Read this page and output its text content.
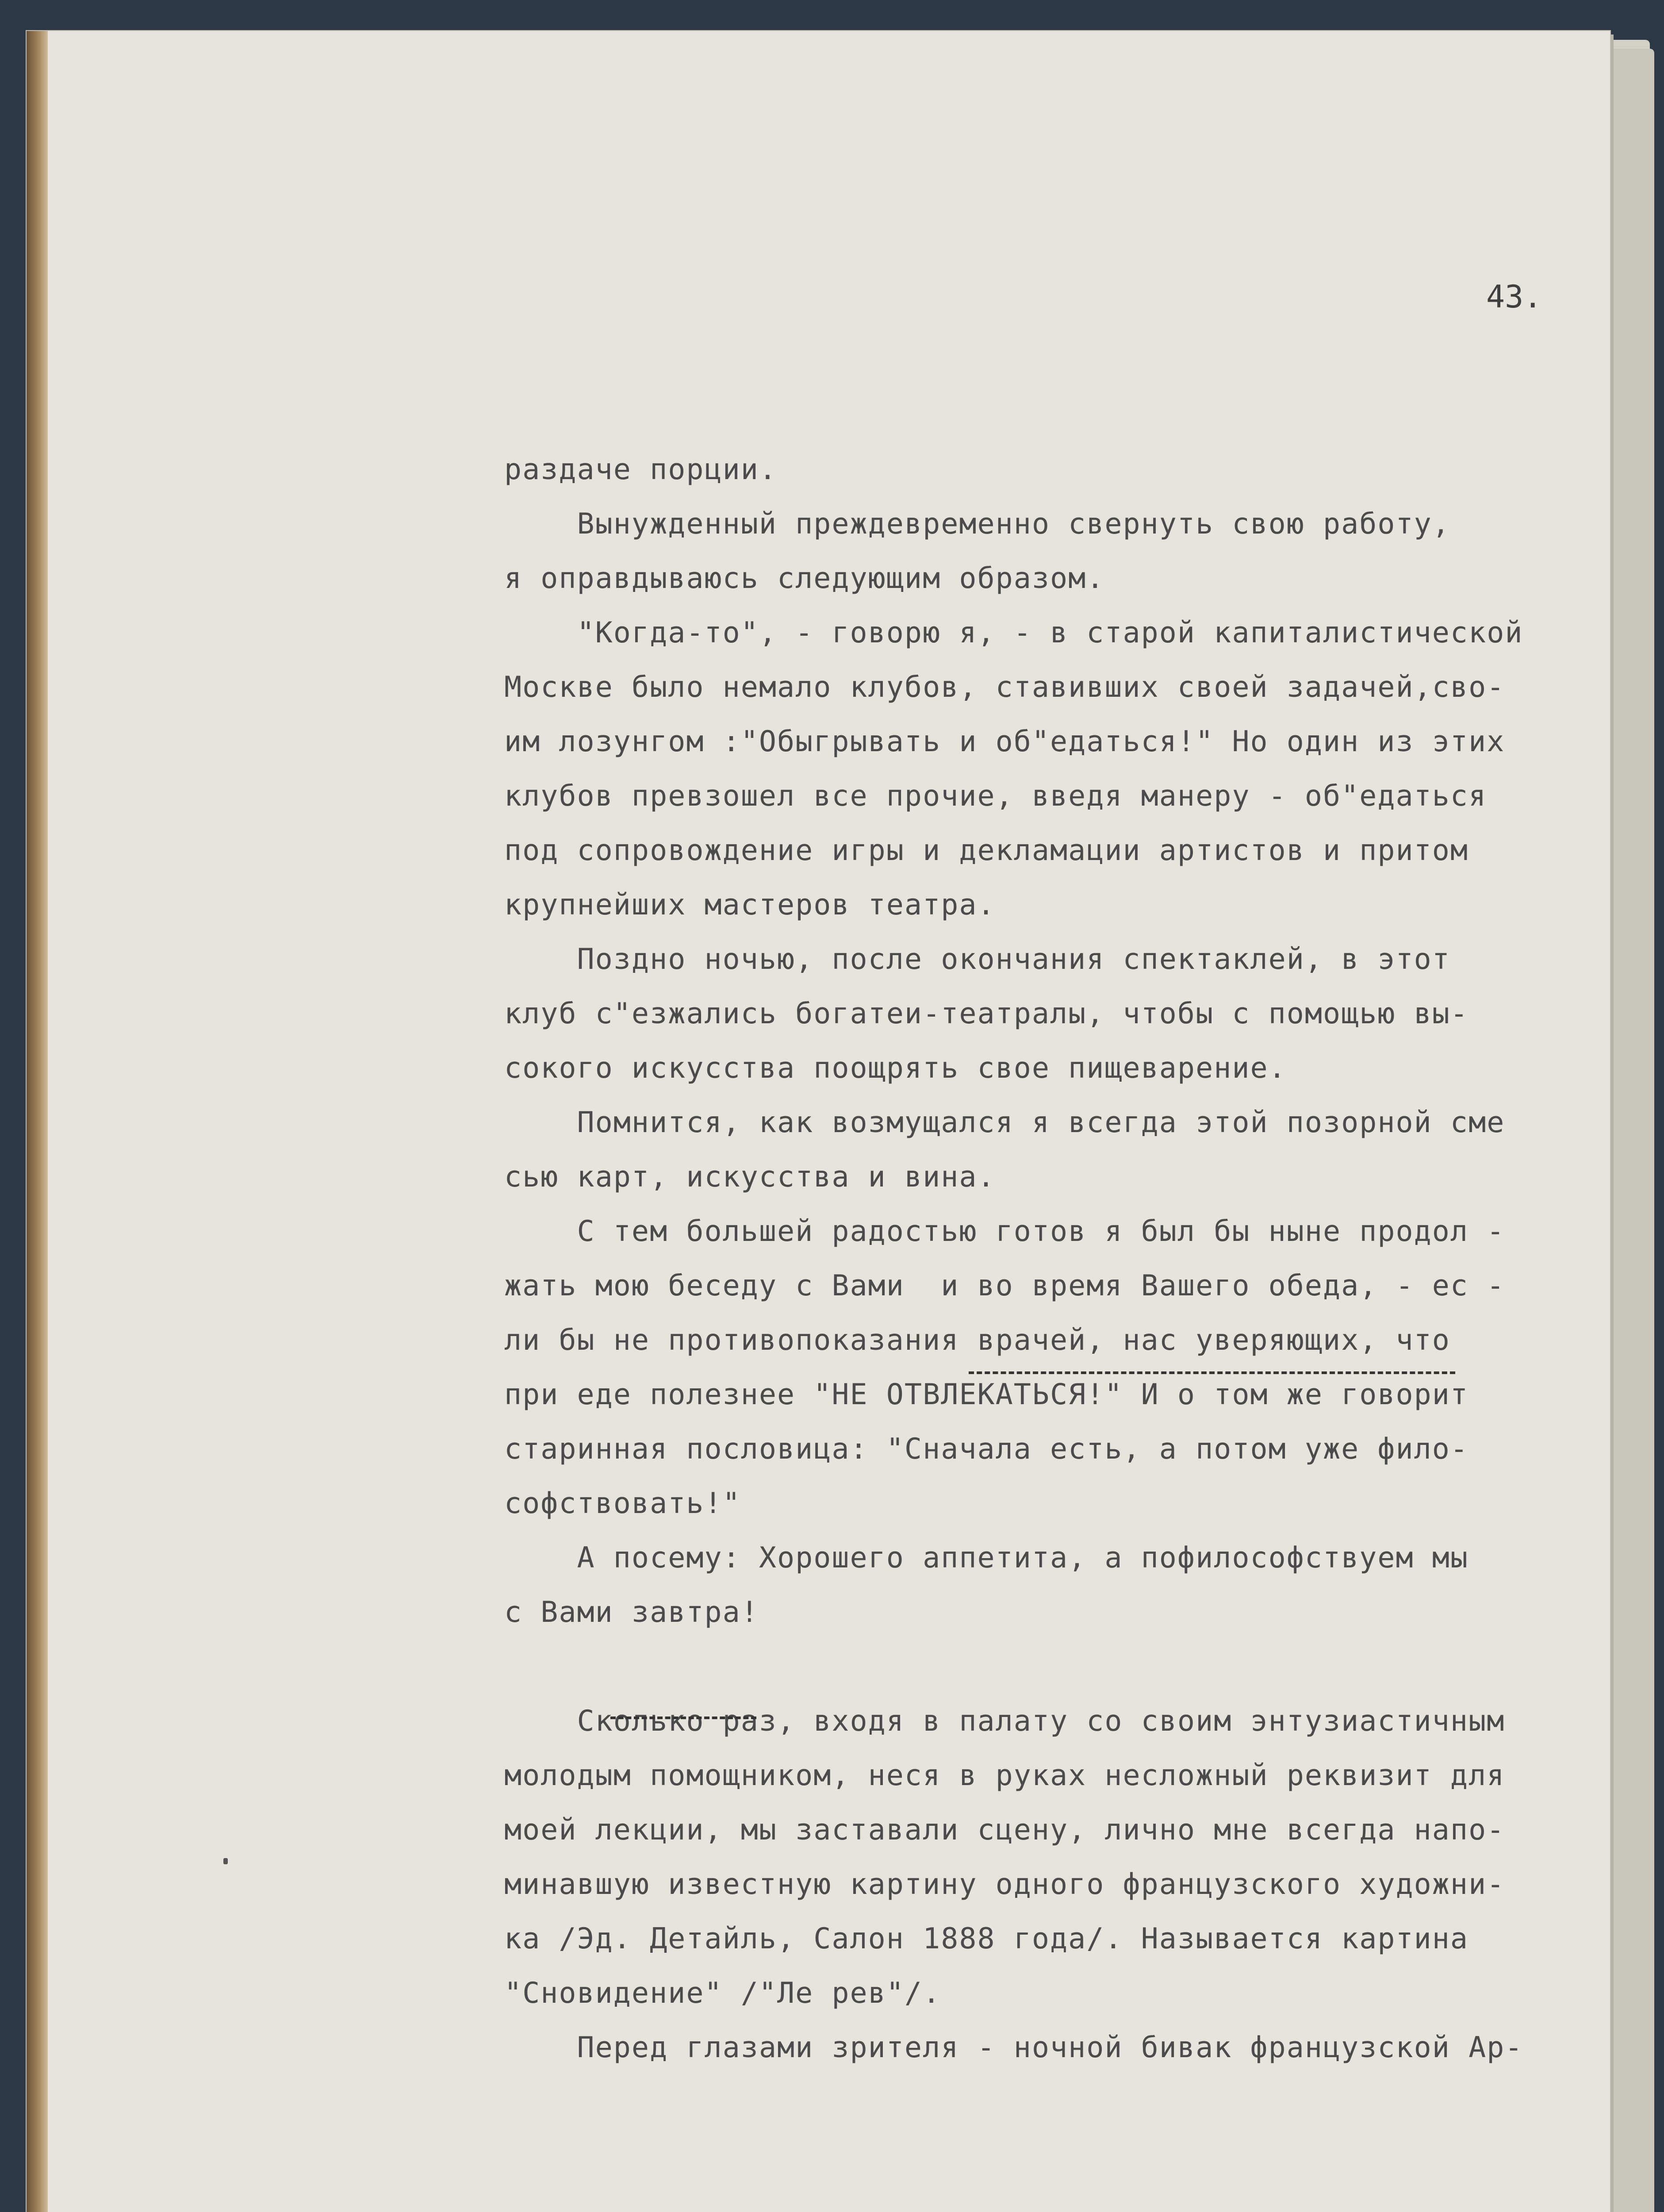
43.
раздаче порции.
Вынужденный преждевременно свернуть свою работу,
я оправдываюсь следующим образом.
"Когда-то", - говорю я, - в старой капиталистической
Москве было немало клубов, ставивших своей задачей,сво-
им лозунгом :"Обыгрывать и об"едаться!" Но один из этих
клубов превзошел все прочие, введя манеру - об"едаться
под сопровождение игры и декламации артистов и притом
крупнейших мастеров театра.
Поздно ночью, после окончания спектаклей, в этот
клуб с"езжались богатеи-театралы, чтобы с помощью вы-
сокого искусства поощрять свое пищеварение.
Помнится, как возмущался я всегда этой позорной сме
сью карт, искусства и вина.
С тем большей радостью готов я был бы ныне продол -
жать мою беседу с Вами  и во время Вашего обеда, - ес -
ли бы не противопоказания врачей, нас уверяющих, что
при еде полезнее "НЕ ОТВЛЕКАТЬСЯ!" И о том же говорит
старинная пословица: "Сначала есть, а потом уже фило-
софствовать!"
А посему: Хорошего аппетита, а пофилософствуем мы
с Вами завтра!
Сколько раз, входя в палату со своим энтузиастичным
молодым помощником, неся в руках несложный реквизит для
моей лекции, мы заставали сцену, лично мне всегда напо-
минавшую известную картину одного французского художни-
ка /Эд. Детайль, Салон 1888 года/. Называется картина
"Сновидение" /"Ле рев"/.
Перед глазами зрителя - ночной бивак французской Ар-
